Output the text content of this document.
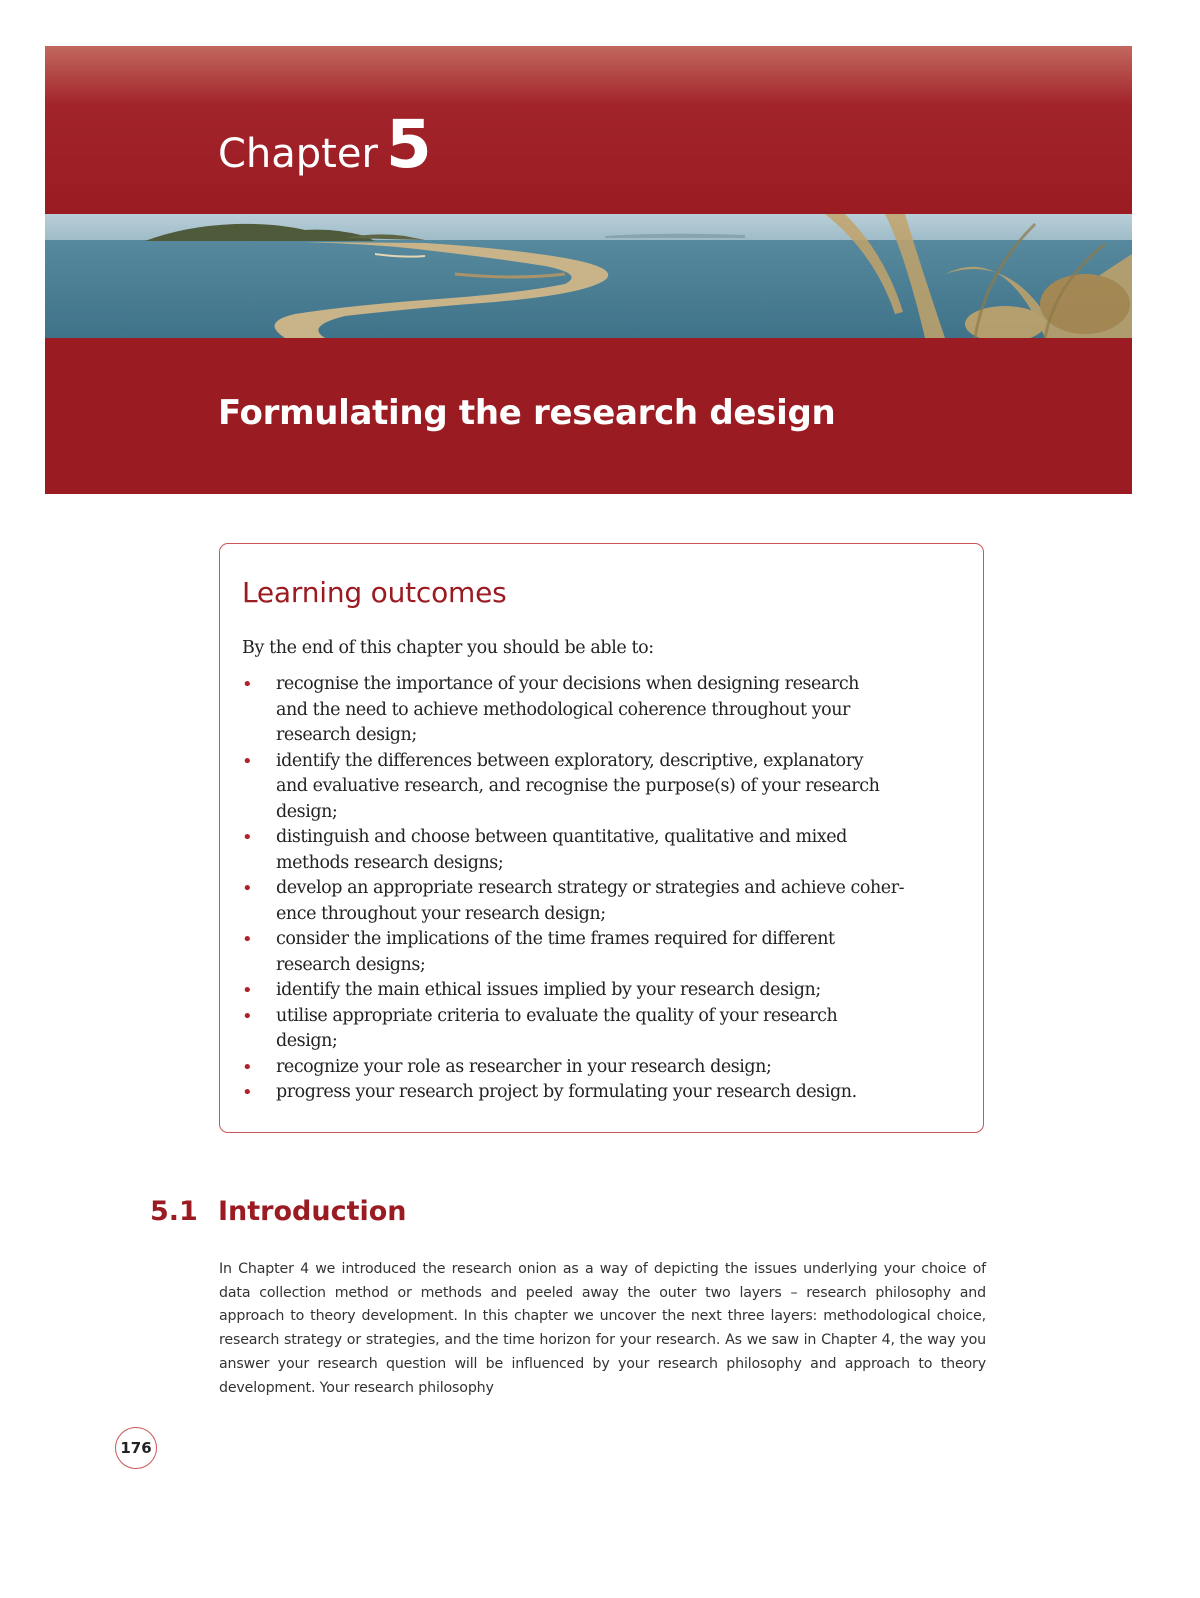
Chapter 5
Formulating the research design
Learning outcomes
By the end of this chapter you should be able to:
• recognise the importance of your decisions when designing research
and the need to achieve methodological coherence throughout your
research design;
• identify the differences between exploratory, descriptive, explanatory
and evaluative research, and recognise the purpose(s) of your research
design;
• distinguish and choose between quantitative, qualitative and mixed
methods research designs;
• develop an appropriate research strategy or strategies and achieve coher-
ence throughout your research design;
• consider the implications of the time frames required for different
research designs;
• identify the main ethical issues implied by your research design;
• utilise appropriate criteria to evaluate the quality of your research
design;
• recognize your role as researcher in your research design;
• progress your research project by formulating your research design.
5.1 Introduction
In Chapter 4 we introduced the research onion as a way of depicting the issues underlying your choice of data collection method or methods and peeled away the outer two layers – research philosophy and approach to theory development. In this chapter we uncover the next three layers: methodological choice, research strategy or strategies, and the time horizon for your research. As we saw in Chapter 4, the way you answer your research question will be influenced by your research philosophy and approach to theory development. Your research philosophy
176
